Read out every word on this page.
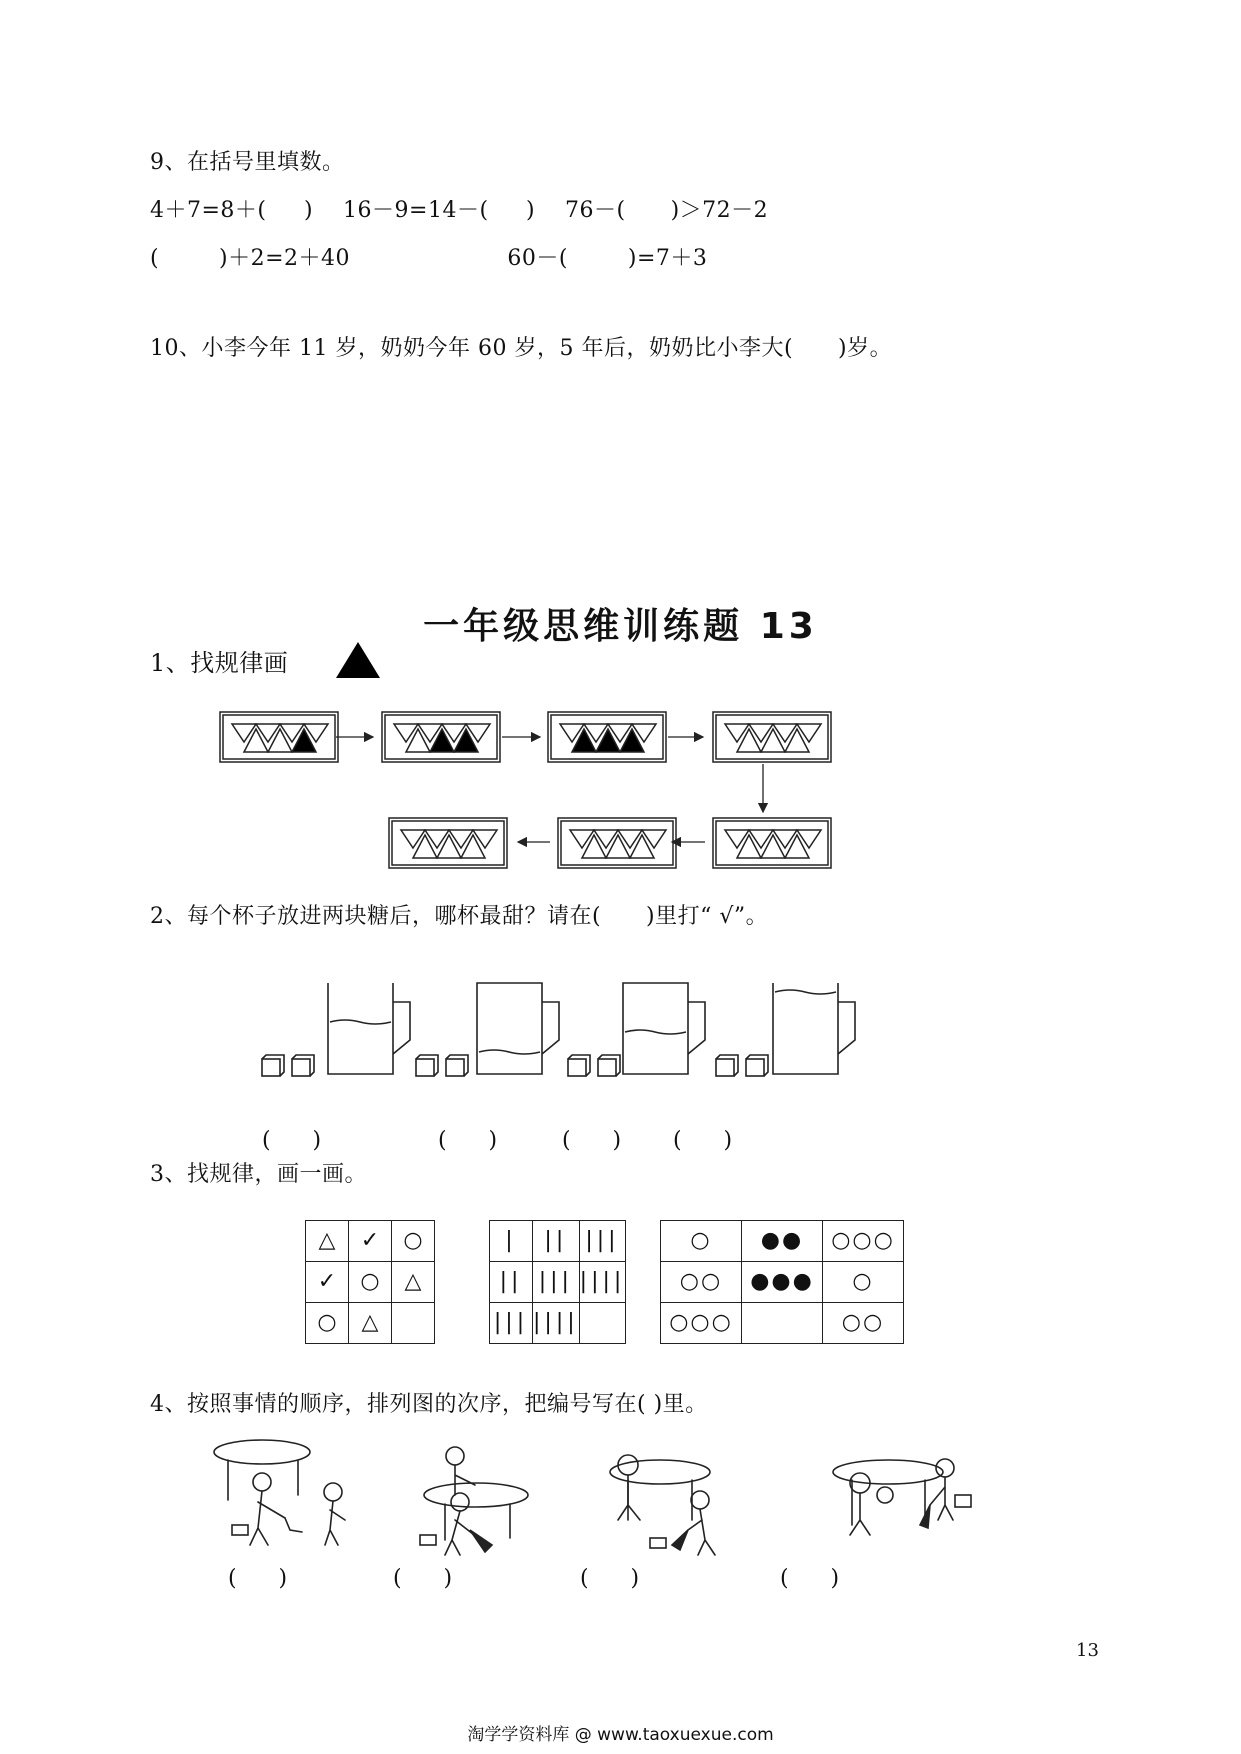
9、在括号里填数。
4＋7=8＋(     )    16－9=14－(     )    76－(      )＞72－2
(        )＋2=2＋40                     60－(        )=7＋3
10、小李今年 11 岁，奶奶今年 60 岁，5 年后，奶奶比小李大(      )岁。
一年级思维训练题 13
1、找规律画
2、每个杯子放进两块糖后，哪杯最甜？请在(      )里打“ √”。
(      )	(      )	(      ) (      )
3、找规律，画一画。
△	✓	○
✓	○	△
○	△	
|	||	|||
||	|||	||||
|||	||||	
○	●●	○○○
○○	●●●	○
○○○		○○
4、按照事情的顺序，排列图的次序，把编号写在( )里。
(      )	(      )	(      )	(      )
13
淘学学资料库 @ www.taoxuexue.com
